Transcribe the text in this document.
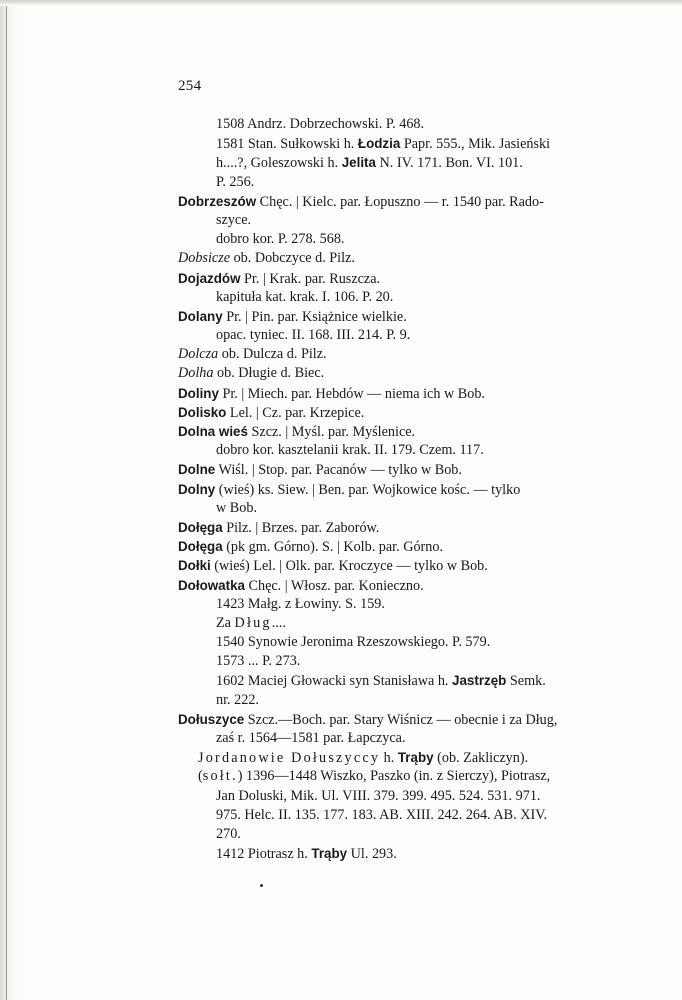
254
1508 Andrz. Dobrzechowski. P. 468.
1581 Stan. Sułkowski h. Łodzia Papr. 555., Mik. Jasieński
h....?, Goleszowski h. Jelita N. IV. 171. Bon. VI. 101.
P. 256.
Dobrzeszów Chęc. | Kielc. par. Łopuszno — r. 1540 par. Rado-
szyce.
dobro kor. P. 278. 568.
Dobsicze ob. Dobczyce d. Pilz.
Dojazdów Pr. | Krak. par. Ruszcza.
kapituła kat. krak. I. 106. P. 20.
Dolany Pr. | Pin. par. Książnice wielkie.
opac. tyniec. II. 168. III. 214. P. 9.
Dolcza ob. Dulcza d. Pilz.
Dolha ob. Długie d. Biec.
Doliny Pr. | Miech. par. Hebdów — niema ich w Bob.
Dolisko Lel. | Cz. par. Krzepice.
Dolna wieś Szcz. | Myśl. par. Myślenice.
dobro kor. kasztelanii krak. II. 179. Czem. 117.
Dolne Wiśl. | Stop. par. Pacanów — tylko w Bob.
Dolny (wieś) ks. Siew. | Ben. par. Wojkowice kośc. — tylko
w Bob.
Dołęga Pilz. | Brzes. par. Zaborów.
Dołęga (pk gm. Górno). S. | Kolb. par. Górno.
Dołki (wieś) Lel. | Olk. par. Kroczyce — tylko w Bob.
Dołowatka Chęc. | Włosz. par. Konieczno.
1423 Małg. z Łowiny. S. 159.
Za Dług....
1540 Synowie Jeronima Rzeszowskiego. P. 579.
1573 ... P. 273.
1602 Maciej Głowacki syn Stanisława h. Jastrzęb Semk.
nr. 222.
Dołuszyce Szcz.—Boch. par. Stary Wiśnicz — obecnie i za Dług,
zaś r. 1564—1581 par. Łapczyca.
Jordanowie Dołuszyccy h. Trąby (ob. Zakliczyn).
(sołt.) 1396—1448 Wiszko, Paszko (in. z Sierczy), Piotrasz,
Jan Doluski, Mik. Ul. VIII. 379. 399. 495. 524. 531. 971.
975. Helc. II. 135. 177. 183. AB. XIII. 242. 264. AB. XIV.
270.
1412 Piotrasz h. Trąby Ul. 293.
